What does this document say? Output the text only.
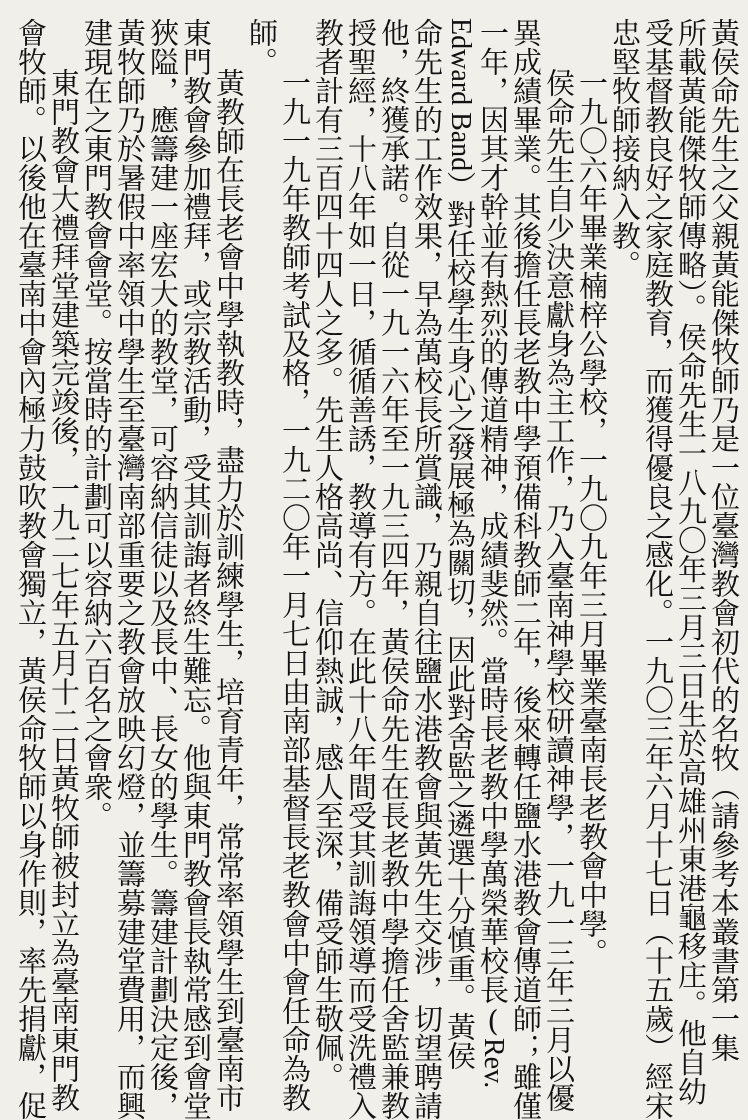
黃侯命先生之父親黃能傑牧師乃是一位臺灣教會初代的名牧（請參考本叢書第一集
所載黃能傑牧師傳略）。侯命先生一八九〇年三月三日生於高雄州東港龜移庄。他自幼
受基督教良好之家庭教育，而獲得優良之感化。一九〇三年六月十七日（十五歲）經宋
忠堅牧師接納入教。
一九〇六年畢業楠梓公學校，一九〇九年三月畢業臺南長老教會中學。
侯命先生自少決意獻身為主工作，乃入臺南神學校研讀神學，一九一三年三月以優
異成績畢業。其後擔任長老教中學預備科教師二年，後來轉任鹽水港教會傳道師；雖僅
一年，因其才幹並有熱烈的傳道精神，成績斐然。當時長老教中學萬榮華校長(Rev.
Edward Band）對任校學生身心之發展極為關切，因此對舍監之遴選十分慎重。黃侯
命先生的工作效果，早為萬校長所賞識，乃親自往鹽水港教會與黃先生交涉，切望聘請
他，終獲承諾。自從一九一六年至一九三四年，黃侯命先生在長老教中學擔任舍監兼教
授聖經，十八年如一日，循循善誘，教導有方。在此十八年間受其訓誨領導而受洗禮入
教者計有三百四十四人之多。先生人格高尚、信仰熱誠，感人至深，備受師生敬佩。
一九一九年教師考試及格，一九二〇年一月七日由南部基督長老教會中會任命為教
師。
黃教師在長老會中學執教時，盡力於訓練學生，培育青年，常常率領學生到臺南市
東門教會參加禮拜，或宗教活動，受其訓誨者終生難忘。他與東門教會長執常感到會堂
狹隘，應籌建一座宏大的教堂，可容納信徒以及長中、長女的學生。籌建計劃決定後，
黃牧師乃於暑假中率領中學生至臺灣南部重要之教會放映幻燈，並籌募建堂費用，而興
建現在之東門教會會堂。按當時的計劃可以容納六百名之會衆。
東門教會大禮拜堂建築完竣後，一九二七年五月十二日黃牧師被封立為臺南東門教
會牧師。以後他在臺南中會內極力鼓吹教會獨立，黃侯命牧師以身作則，率先捐獻，促
